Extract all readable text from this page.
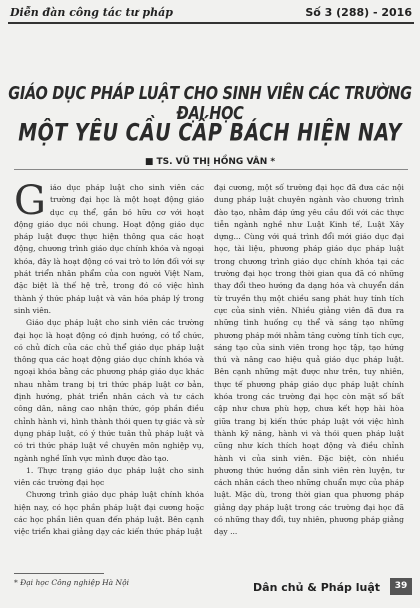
Diễn đàn công tác tư pháp	Số 3 (288) - 2016
GIÁO DỤC PHÁP LUẬT CHO SINH VIÊN CÁC TRƯỜNG ĐẠI HỌC
MỘT YÊU CẦU CẤP BÁCH HIỆN NAY
■ TS. VŨ THỊ HỒNG VÂN *

Giáo dục pháp luật cho sinh viên các trường đại học là một hoạt động giáo dục cụ thể, gắn bó hữu cơ với hoạt động giáo dục nói chung. Hoạt động giáo dục pháp luật được thực hiện thông qua các hoạt động, chương trình giáo dục chính khóa và ngoại khóa, đây là hoạt động có vai trò to lớn đối với sự phát triển nhân phẩm của con người Việt Nam, đặc biệt là thế hệ trẻ, trong đó có việc hình thành ý thức pháp luật và văn hóa pháp lý trong sinh viên.

Giáo dục pháp luật cho sinh viên các trường đại học là hoạt động có định hướng, có tổ chức, có chủ đích của các chủ thể giáo dục pháp luật thông qua các hoạt động giáo dục chính khóa và ngoại khóa bằng các phương pháp giáo dục khác nhau nhằm trang bị tri thức pháp luật cơ bản, định hướng, phát triển nhân cách và tư cách công dân, nâng cao nhận thức, góp phần điều chỉnh hành vi, hình thành thói quen tự giác và sử dụng pháp luật, có ý thức tuân thủ pháp luật và có tri thức pháp luật về chuyên môn nghiệp vụ, ngành nghề lĩnh vực mình được đào tạo.

1. Thực trạng giáo dục pháp luật cho sinh viên các trường đại học

Chương trình giáo dục pháp luật chính khóa hiện nay, có học phần pháp luật đại cương hoặc các học phần liên quan đến pháp luật. Bên cạnh việc triển khai giảng dạy các kiến thức pháp luật

đại cương, một số trường đại học đã đưa các nội dung pháp luật chuyên ngành vào chương trình đào tạo, nhằm đáp ứng yêu cầu đối với các thực tiễn ngành nghề như Luật Kinh tế, Luật Xây dựng... Cùng với quá trình đổi mới giáo dục đại học, tài liệu, phương pháp giáo dục pháp luật trong chương trình giáo dục chính khóa tại các trường đại học trong thời gian qua đã có những thay đổi theo hướng đa dạng hóa và chuyển dần từ truyền thụ một chiều sang phát huy tính tích cực của sinh viên. Nhiều giảng viên đã đưa ra những tình huống cụ thể và sáng tạo những phương pháp mới nhằm tăng cường tính tích cực, sáng tạo của sinh viên trong học tập, tạo hứng thú và nâng cao hiệu quả giáo dục pháp luật. Bên cạnh những mặt được như trên, tuy nhiên, thực tế phương pháp giáo dục pháp luật chính khóa trong các trường đại học còn mặt số bất cập như chưa phù hợp, chưa kết hợp hài hòa giữa trang bị kiến thức pháp luật với việc hình thành kỹ năng, hành vi và thói quen pháp luật cũng như kích thích hoạt động và điều chỉnh hành vi của sinh viên. Đặc biệt, còn nhiều phương thức hướng dẫn sinh viên rèn luyện, tư cách nhân cách theo những chuẩn mực của pháp luật. Mặc dù, trong thời gian qua phương pháp giảng dạy pháp luật trong các trường đại học đã có những thay đổi, tuy nhiên, phương pháp giảng dạy ...

* Đại học Công nghiệp Hà Nội	Dân chủ & Pháp luật	39
